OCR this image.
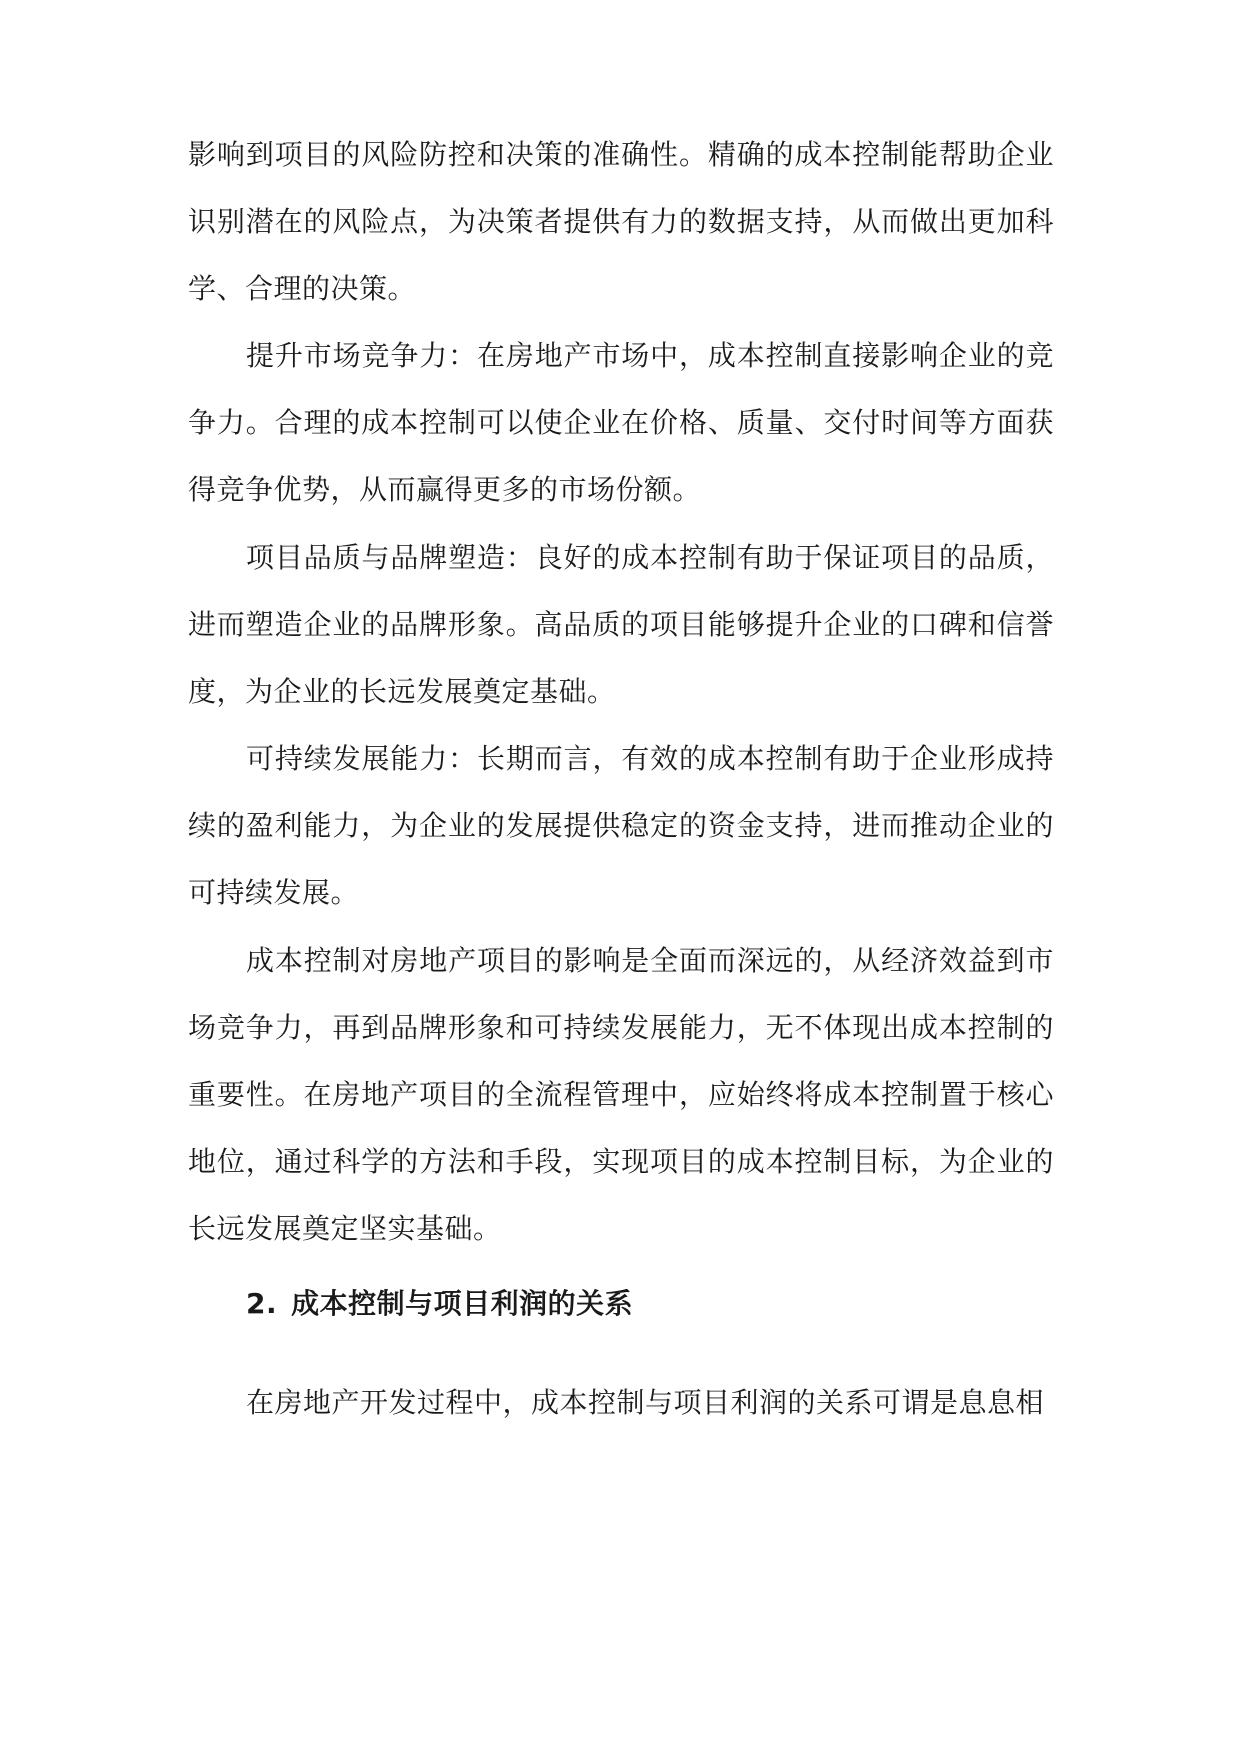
影响到项目的风险防控和决策的准确性。精确的成本控制能帮助企业识别潜在的风险点，为决策者提供有力的数据支持，从而做出更加科学、合理的决策。

提升市场竞争力：在房地产市场中，成本控制直接影响企业的竞争力。合理的成本控制可以使企业在价格、质量、交付时间等方面获得竞争优势，从而赢得更多的市场份额。

项目品质与品牌塑造：良好的成本控制有助于保证项目的品质，进而塑造企业的品牌形象。高品质的项目能够提升企业的口碑和信誉度，为企业的长远发展奠定基础。

可持续发展能力：长期而言，有效的成本控制有助于企业形成持续的盈利能力，为企业的发展提供稳定的资金支持，进而推动企业的可持续发展。

成本控制对房地产项目的影响是全面而深远的，从经济效益到市场竞争力，再到品牌形象和可持续发展能力，无不体现出成本控制的重要性。在房地产项目的全流程管理中，应始终将成本控制置于核心地位，通过科学的方法和手段，实现项目的成本控制目标，为企业的长远发展奠定坚实基础。

2. 成本控制与项目利润的关系

在房地产开发过程中，成本控制与项目利润的关系可谓是息息相
